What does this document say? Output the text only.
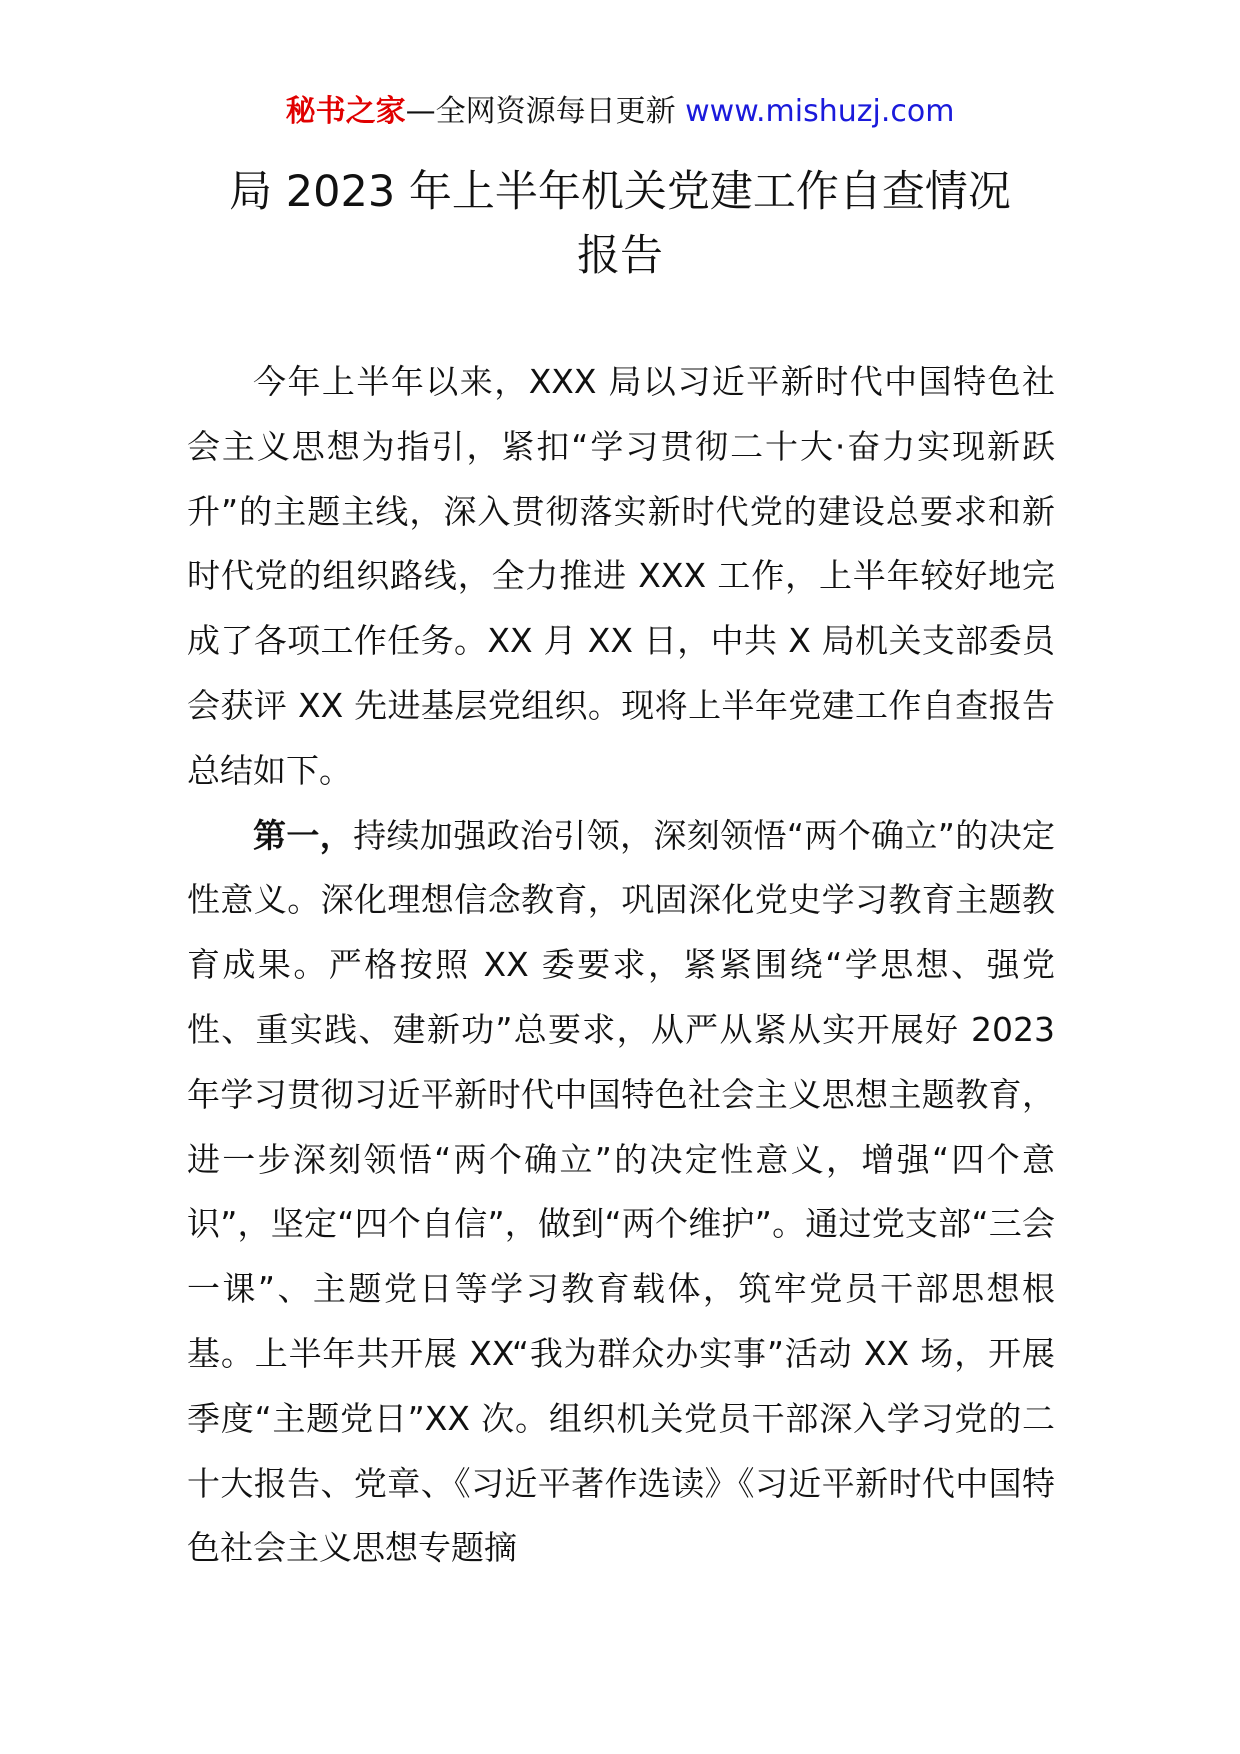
秘书之家—全网资源每日更新 www.mishuzj.com
局 2023 年上半年机关党建工作自查情况
报告

今年上半年以来，XXX 局以习近平新时代中国特色社会主义思想为指引，紧扣“学习贯彻二十大·奋力实现新跃升”的主题主线，深入贯彻落实新时代党的建设总要求和新时代党的组织路线，全力推进 XXX 工作，上半年较好地完成了各项工作任务。XX 月 XX 日，中共 X 局机关支部委员会获评 XX 先进基层党组织。现将上半年党建工作自查报告总结如下。

第一，持续加强政治引领，深刻领悟“两个确立”的决定性意义。深化理想信念教育，巩固深化党史学习教育主题教育成果。严格按照 XX 委要求，紧紧围绕“学思想、强党性、重实践、建新功”总要求，从严从紧从实开展好 2023 年学习贯彻习近平新时代中国特色社会主义思想主题教育，进一步深刻领悟“两个确立”的决定性意义，增强“四个意识”，坚定“四个自信”，做到“两个维护”。通过党支部“三会一课”、主题党日等学习教育载体，筑牢党员干部思想根基。上半年共开展 XX“我为群众办实事”活动 XX 场，开展季度“主题党日”XX 次。组织机关党员干部深入学习党的二十大报告、党章、《习近平著作选读》《习近平新时代中国特色社会主义思想专题摘
